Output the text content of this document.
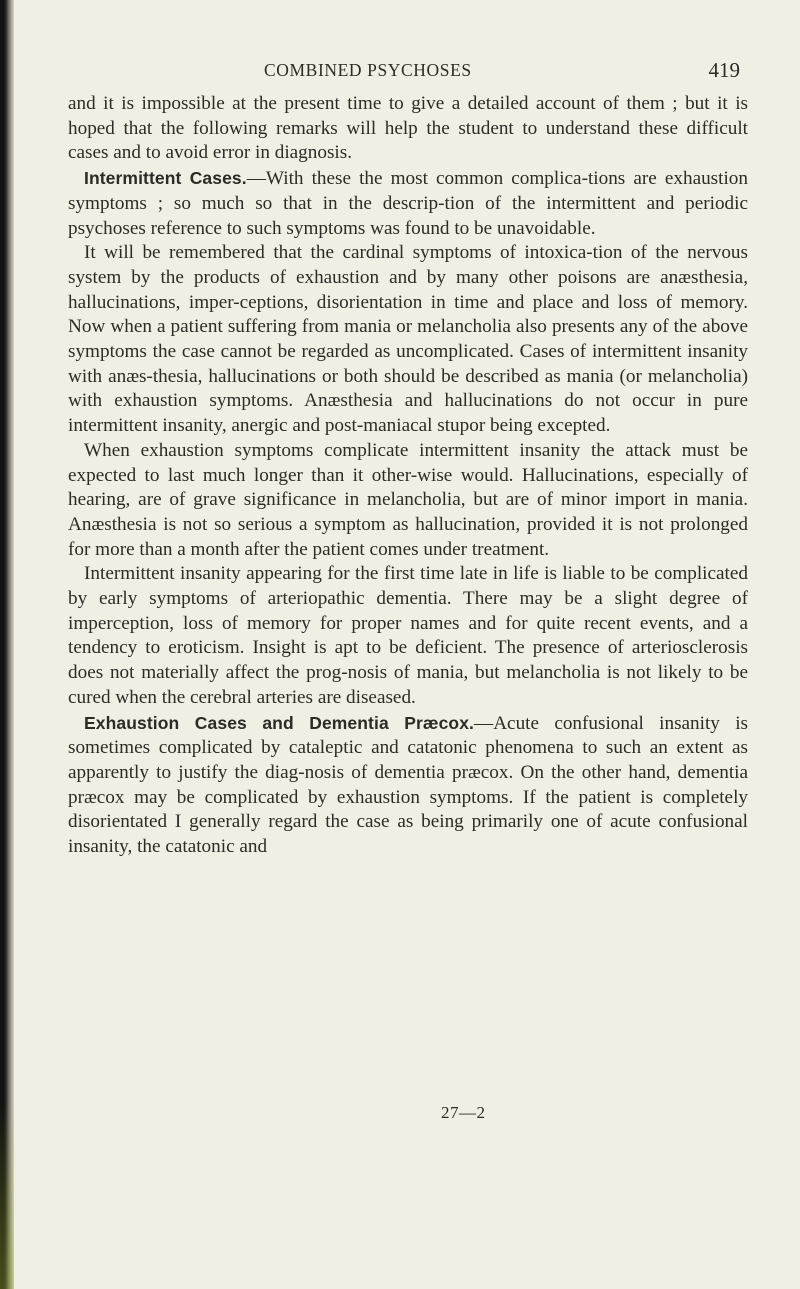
COMBINED PSYCHOSES	419

and it is impossible at the present time to give a detailed account of them ; but it is hoped that the following remarks will help the student to understand these difficult cases and to avoid error in diagnosis.

Intermittent Cases.—With these the most common complica-tions are exhaustion symptoms ; so much so that in the descrip-tion of the intermittent and periodic psychoses reference to such symptoms was found to be unavoidable.

It will be remembered that the cardinal symptoms of intoxica-tion of the nervous system by the products of exhaustion and by many other poisons are anæsthesia, hallucinations, imper-ceptions, disorientation in time and place and loss of memory. Now when a patient suffering from mania or melancholia also presents any of the above symptoms the case cannot be regarded as uncomplicated. Cases of intermittent insanity with anæs-thesia, hallucinations or both should be described as mania (or melancholia) with exhaustion symptoms. Anæsthesia and hallucinations do not occur in pure intermittent insanity, anergic and post-maniacal stupor being excepted.

When exhaustion symptoms complicate intermittent insanity the attack must be expected to last much longer than it other-wise would. Hallucinations, especially of hearing, are of grave significance in melancholia, but are of minor import in mania. Anæsthesia is not so serious a symptom as hallucination, provided it is not prolonged for more than a month after the patient comes under treatment.

Intermittent insanity appearing for the first time late in life is liable to be complicated by early symptoms of arteriopathic dementia. There may be a slight degree of imperception, loss of memory for proper names and for quite recent events, and a tendency to eroticism. Insight is apt to be deficient. The presence of arteriosclerosis does not materially affect the prog-nosis of mania, but melancholia is not likely to be cured when the cerebral arteries are diseased.

Exhaustion Cases and Dementia Præcox.—Acute confusional insanity is sometimes complicated by cataleptic and catatonic phenomena to such an extent as apparently to justify the diag-nosis of dementia præcox. On the other hand, dementia præcox may be complicated by exhaustion symptoms. If the patient is completely disorientated I generally regard the case as being primarily one of acute confusional insanity, the catatonic and

27—2
